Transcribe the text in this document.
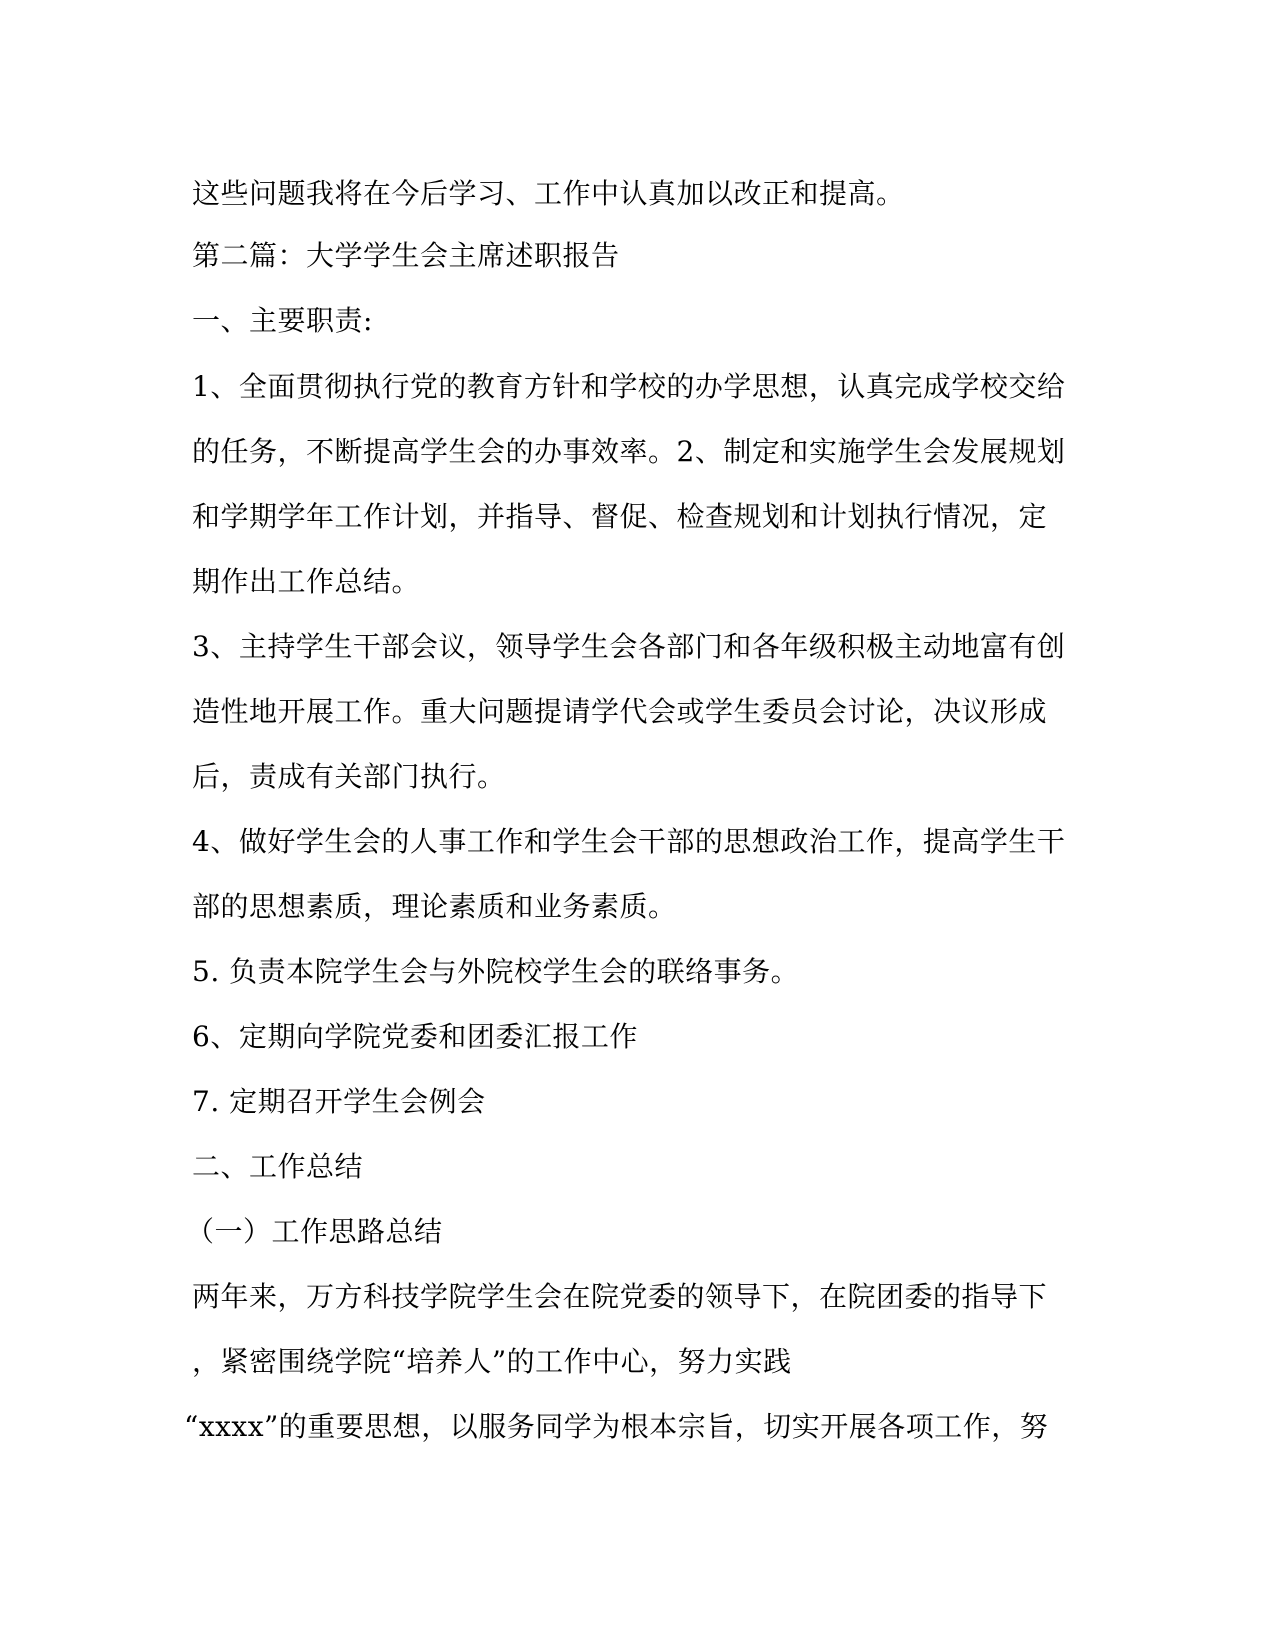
这些问题我将在今后学习、工作中认真加以改正和提高。
第二篇：大学学生会主席述职报告
一、主要职责:
1、全面贯彻执行党的教育方针和学校的办学思想，认真完成学校交给
的任务，不断提高学生会的办事效率。2、制定和实施学生会发展规划
和学期学年工作计划，并指导、督促、检查规划和计划执行情况，定
期作出工作总结。
3、主持学生干部会议，领导学生会各部门和各年级积极主动地富有创
造性地开展工作。重大问题提请学代会或学生委员会讨论，决议形成
后，责成有关部门执行。
4、做好学生会的人事工作和学生会干部的思想政治工作，提高学生干
部的思想素质，理论素质和业务素质。
5. 负责本院学生会与外院校学生会的联络事务。
6、定期向学院党委和团委汇报工作
7. 定期召开学生会例会
二、工作总结
（一）工作思路总结
两年来，万方科技学院学生会在院党委的领导下，在院团委的指导下
，紧密围绕学院“培养人”的工作中心，努力实践
“xxxx”的重要思想，以服务同学为根本宗旨，切实开展各项工作，努
